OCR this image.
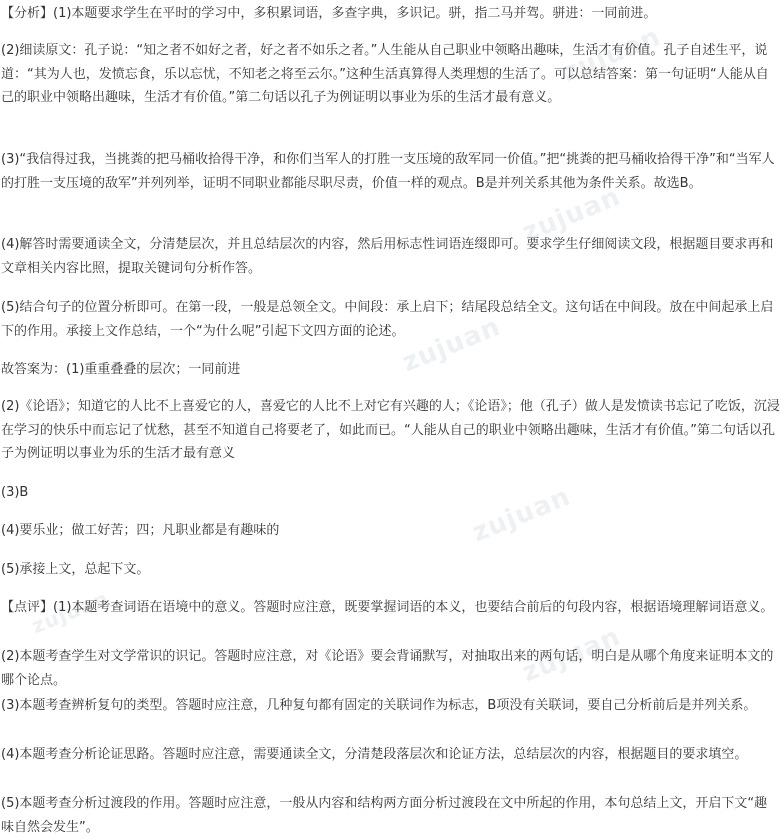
zujuan
zujuan
zujuan
zujuan
zujuan
zujuan

【分析】(1)本题要求学生在平时的学习中，多积累词语，多查字典，多识记。骈，指二马并驾。骈进：一同前进。

(2)细读原文：孔子说：“知之者不如好之者，好之者不如乐之者。”人生能从自己职业中领略出趣味，生活才有价值。孔子自述生平，说道：“其为人也，发愤忘食，乐以忘忧，不知老之将至云尔。”这种生活真算得人类理想的生活了。可以总结答案：第一句证明“人能从自己的职业中领略出趣味，生活才有价值。”第二句话以孔子为例证明以事业为乐的生活才最有意义。

(3)“我信得过我，当挑粪的把马桶收拾得干净，和你们当军人的打胜一支压境的敌军同一价值。”把“挑粪的把马桶收拾得干净”和“当军人的打胜一支压境的敌军”并列列举，证明不同职业都能尽职尽责，价值一样的观点。B是并列关系其他为条件关系。故选B。

(4)解答时需要通读全文，分清楚层次，并且总结层次的内容，然后用标志性词语连缀即可。要求学生仔细阅读文段，根据题目要求再和文章相关内容比照，提取关键词句分析作答。

(5)结合句子的位置分析即可。在第一段，一般是总领全文。中间段：承上启下；结尾段总结全文。这句话在中间段。放在中间起承上启下的作用。承接上文作总结，一个“为什么呢”引起下文四方面的论述。

故答案为：(1)重重叠叠的层次；一同前进

(2)《论语》；知道它的人比不上喜爱它的人，喜爱它的人比不上对它有兴趣的人；《论语》；他（孔子）做人是发愤读书忘记了吃饭，沉浸在学习的快乐中而忘记了忧愁，甚至不知道自己将要老了，如此而已。“人能从自己的职业中领略出趣味，生活才有价值。”第二句话以孔子为例证明以事业为乐的生活才最有意义

(3)B

(4)要乐业；做工好苦；四；凡职业都是有趣味的

(5)承接上文，总起下文。

【点评】(1)本题考查词语在语境中的意义。答题时应注意，既要掌握词语的本义，也要结合前后的句段内容，根据语境理解词语意义。

(2)本题考查学生对文学常识的识记。答题时应注意，对《论语》要会背诵默写，对抽取出来的两句话，明白是从哪个角度来证明本文的哪个论点。

(3)本题考查辨析复句的类型。答题时应注意，几种复句都有固定的关联词作为标志，B项没有关联词，要自己分析前后是并列关系。

(4)本题考查分析论证思路。答题时应注意，需要通读全文，分清楚段落层次和论证方法，总结层次的内容，根据题目的要求填空。

(5)本题考查分析过渡段的作用。答题时应注意，一般从内容和结构两方面分析过渡段在文中所起的作用，本句总结上文，开启下文“趣味自然会发生”。
